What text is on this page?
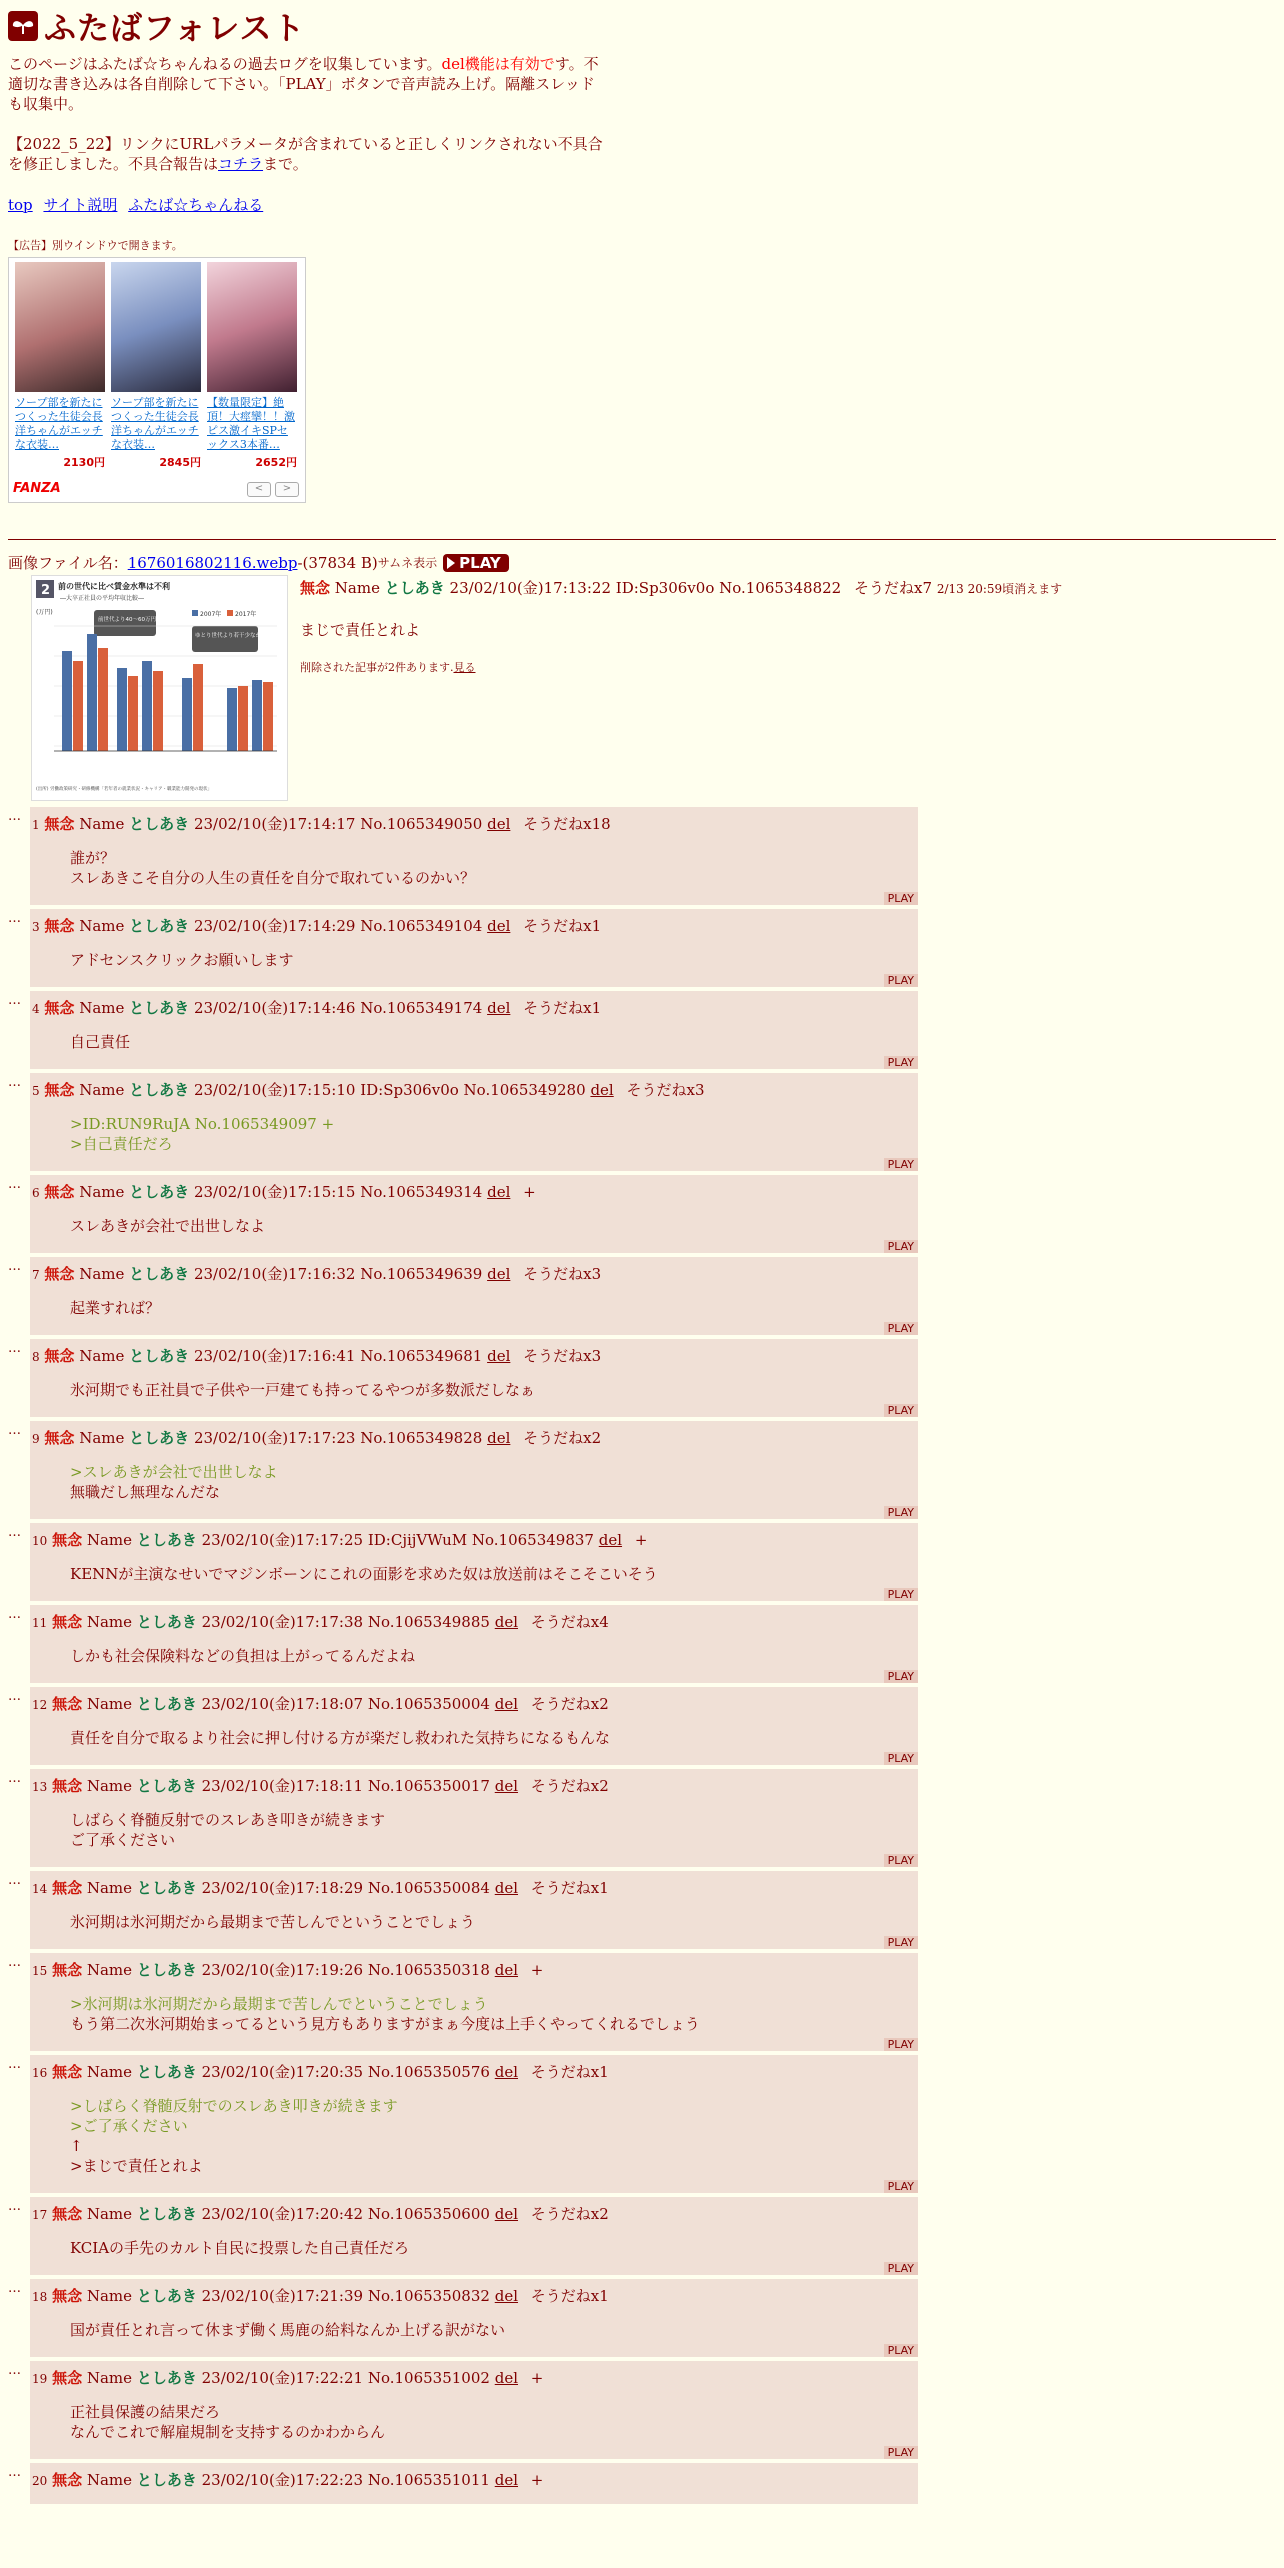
ふたばフォレスト
このページはふたば☆ちゃんねるの過去ログを収集しています。del機能は有効です。不適切な書き込みは各自削除して下さい。「PLAY」ボタンで音声読み上げ。隔離スレッドも収集中。
【2022_5_22】リンクにURLパラメータが含まれていると正しくリンクされない不具合を修正しました。不具合報告はコチラまで。
top サイト説明 ふたば☆ちゃんねる
【広告】別ウインドウで開きます。
ソープ部を新たにつくった生徒会長洋ちゃんがエッチな衣装…
2130円
ソープ部を新たにつくった生徒会長洋ちゃんがエッチな衣装…
2845円
【数量限定】絶頂！大痙攣！！激ピス激イキSPセックス3本番…
2652円
FANZA	<	>
画像ファイル名： 1676016802116.webp -(37834 B) サムネ表示 PLAY
2 前の世代に比べ賃金水準は不利
―大卒正社員の平均年収比較―
(万円)	2007年 2017年
前世代より40～60万円少ない
ゆとり世代より若干少なかった
(出所) 労働政策研究・研修機構「若年者の就業状況・キャリア・職業能力開発の現状」
無念 Name としあき 23/02/10(金)17:13:22 ID:Sp306v0o No.1065348822 そうだねx7 2/13 20:59頃消えます
まじで責任とれよ
削除された記事が2件あります.見る
…
1 無念 Name としあき 23/02/10(金)17:14:17 No.1065349050 del そうだねx18
誰が？
スレあきこそ自分の人生の責任を自分で取れているのかい？
PLAY
…
3 無念 Name としあき 23/02/10(金)17:14:29 No.1065349104 del そうだねx1
アドセンスクリックお願いします
PLAY
…
4 無念 Name としあき 23/02/10(金)17:14:46 No.1065349174 del そうだねx1
自己責任
PLAY
…
5 無念 Name としあき 23/02/10(金)17:15:10 ID:Sp306v0o No.1065349280 del そうだねx3
>ID:RUN9RuJA No.1065349097 +
>自己責任だろ
PLAY
…
6 無念 Name としあき 23/02/10(金)17:15:15 No.1065349314 del +
スレあきが会社で出世しなよ
PLAY
…
7 無念 Name としあき 23/02/10(金)17:16:32 No.1065349639 del そうだねx3
起業すれば？
PLAY
…
8 無念 Name としあき 23/02/10(金)17:16:41 No.1065349681 del そうだねx3
氷河期でも正社員で子供や一戸建ても持ってるやつが多数派だしなぁ
PLAY
…
9 無念 Name としあき 23/02/10(金)17:17:23 No.1065349828 del そうだねx2
>スレあきが会社で出世しなよ
無職だし無理なんだな
PLAY
…
10 無念 Name としあき 23/02/10(金)17:17:25 ID:CjijVWuM No.1065349837 del +
KENNが主演なせいでマジンボーンにこれの面影を求めた奴は放送前はそこそこいそう
PLAY
…
11 無念 Name としあき 23/02/10(金)17:17:38 No.1065349885 del そうだねx4
しかも社会保険料などの負担は上がってるんだよね
PLAY
…
12 無念 Name としあき 23/02/10(金)17:18:07 No.1065350004 del そうだねx2
責任を自分で取るより社会に押し付ける方が楽だし救われた気持ちになるもんな
PLAY
…
13 無念 Name としあき 23/02/10(金)17:18:11 No.1065350017 del そうだねx2
しばらく脊髄反射でのスレあき叩きが続きます
ご了承ください
PLAY
…
14 無念 Name としあき 23/02/10(金)17:18:29 No.1065350084 del そうだねx1
氷河期は氷河期だから最期まで苦しんでということでしょう
PLAY
…
15 無念 Name としあき 23/02/10(金)17:19:26 No.1065350318 del +
>氷河期は氷河期だから最期まで苦しんでということでしょう
もう第二次氷河期始まってるという見方もありますがまぁ今度は上手くやってくれるでしょう
PLAY
…
16 無念 Name としあき 23/02/10(金)17:20:35 No.1065350576 del そうだねx1
>しばらく脊髄反射でのスレあき叩きが続きます
>ご了承ください
↑
>まじで責任とれよ
PLAY
…
17 無念 Name としあき 23/02/10(金)17:20:42 No.1065350600 del そうだねx2
KCIAの手先のカルト自民に投票した自己責任だろ
PLAY
…
18 無念 Name としあき 23/02/10(金)17:21:39 No.1065350832 del そうだねx1
国が責任とれ言って休まず働く馬鹿の給料なんか上げる訳がない
PLAY
…
19 無念 Name としあき 23/02/10(金)17:22:21 No.1065351002 del +
正社員保護の結果だろ
なんでこれで解雇規制を支持するのかわからん
PLAY
…
20 無念 Name としあき 23/02/10(金)17:22:23 No.1065351011 del +
